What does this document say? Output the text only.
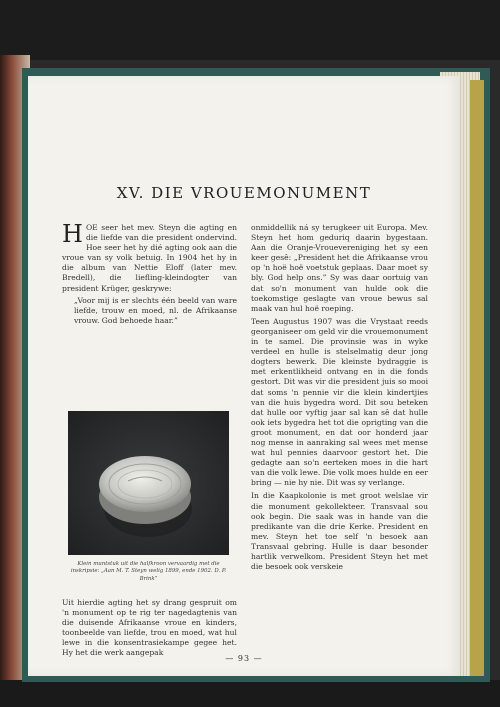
XV. DIE VROUEMONUMENT

HOE seer het mev. Steyn die agting en die liefde van die president ondervind. Hoe seer het hy dié agting ook aan die vroue van sy volk betuig. In 1904 het hy in die album van Nettie Eloff (later mev. Bredell), die liefling-kleindogter van president Krüger, geskrywe:

„Voor mij is er slechts één beeld van ware liefde, trouw en moed, nl. de Afrikaanse vrouw. God behoede haar.”

Klein muntstuk uit die halfkroon vervaardig met die inskripsie: „Aan M. T. Steyn welig 1899, ende 1902. D. P. Brink”

Uit hierdie agting het sy drang gespruit om 'n monument op te rig ter nagedagtenis van die duisende Afrikaanse vroue en kinders, toonbeelde van liefde, trou en moed, wat hul lewe in die konsentrasiekampe gegee het. Hy het die werk aangepak

onmiddellik ná sy terugkeer uit Europa. Mev. Steyn het hom geduriq daarin bygestaan. Aan die Oranje-Vrouevereniging het sy een keer gesê: „President het die Afrikaanse vrou op 'n hoë hoë voetstuk geplaas. Daar moet sy bly. God help ons.” Sy was daar oortuig van dat so'n monument van hulde ook die toekomstige geslagte van vroue bewus sal maak van hul hoë roeping.

Teen Augustus 1907 was die Vrystaat reeds georganiseer om geld vir die vrouemonument in te samel. Die provinsie was in wyke verdeel en hulle is stelselmatig deur jong dogters bewerk. Die kleinste bydraggie is met erkentlikheid ontvang en in die fonds gestort. Dit was vir die president juis so mooi dat soms 'n pennie vir die klein kindertjies van die huis bygedra word. Dit sou beteken dat hulle oor vyftig jaar sal kan sê dat hulle ook iets bygedra het tot die oprigting van die groot monument, en dat oor honderd jaar nog mense in aanraking sal wees met mense wat hul pennies daarvoor gestort het. Die gedagte aan so'n eerteken moes in die hart van die volk lewe. Die volk moes hulde en eer bring — nie hy nie. Dit was sy verlange.

In die Kaapkolonie is met groot welslae vir die monument gekollekteer. Transvaal sou ook begin. Die saak was in hande van die predikante van die drie Kerke. President en mev. Steyn het toe self 'n besoek aan Transvaal gebring. Hulle is daar besonder hartlik verwelkom. President Steyn het met die besoek ook verskeie

— 93 —
